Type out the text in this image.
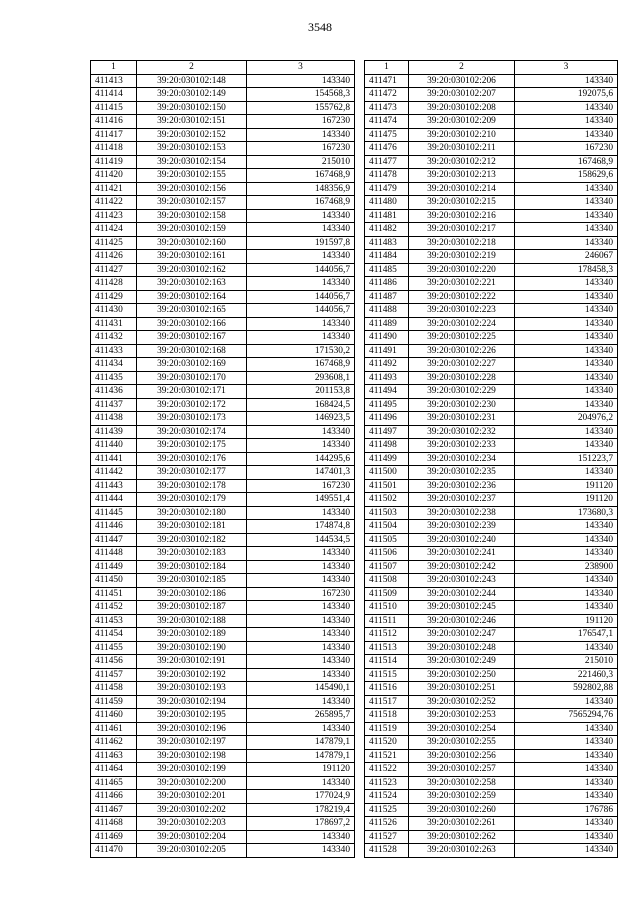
3548
1	2	3
411413	39:20:030102:148	143340
411414	39:20:030102:149	154568,3
411415	39:20:030102:150	155762,8
411416	39:20:030102:151	167230
411417	39:20:030102:152	143340
411418	39:20:030102:153	167230
411419	39:20:030102:154	215010
411420	39:20:030102:155	167468,9
411421	39:20:030102:156	148356,9
411422	39:20:030102:157	167468,9
411423	39:20:030102:158	143340
411424	39:20:030102:159	143340
411425	39:20:030102:160	191597,8
411426	39:20:030102:161	143340
411427	39:20:030102:162	144056,7
411428	39:20:030102:163	143340
411429	39:20:030102:164	144056,7
411430	39:20:030102:165	144056,7
411431	39:20:030102:166	143340
411432	39:20:030102:167	143340
411433	39:20:030102:168	171530,2
411434	39:20:030102:169	167468,9
411435	39:20:030102:170	293608,1
411436	39:20:030102:171	201153,8
411437	39:20:030102:172	168424,5
411438	39:20:030102:173	146923,5
411439	39:20:030102:174	143340
411440	39:20:030102:175	143340
411441	39:20:030102:176	144295,6
411442	39:20:030102:177	147401,3
411443	39:20:030102:178	167230
411444	39:20:030102:179	149551,4
411445	39:20:030102:180	143340
411446	39:20:030102:181	174874,8
411447	39:20:030102:182	144534,5
411448	39:20:030102:183	143340
411449	39:20:030102:184	143340
411450	39:20:030102:185	143340
411451	39:20:030102:186	167230
411452	39:20:030102:187	143340
411453	39:20:030102:188	143340
411454	39:20:030102:189	143340
411455	39:20:030102:190	143340
411456	39:20:030102:191	143340
411457	39:20:030102:192	143340
411458	39:20:030102:193	145490,1
411459	39:20:030102:194	143340
411460	39:20:030102:195	265895,7
411461	39:20:030102:196	143340
411462	39:20:030102:197	147879,1
411463	39:20:030102:198	147879,1
411464	39:20:030102:199	191120
411465	39:20:030102:200	143340
411466	39:20:030102:201	177024,9
411467	39:20:030102:202	178219,4
411468	39:20:030102:203	178697,2
411469	39:20:030102:204	143340
411470	39:20:030102:205	143340
1	2	3
411471	39:20:030102:206	143340
411472	39:20:030102:207	192075,6
411473	39:20:030102:208	143340
411474	39:20:030102:209	143340
411475	39:20:030102:210	143340
411476	39:20:030102:211	167230
411477	39:20:030102:212	167468,9
411478	39:20:030102:213	158629,6
411479	39:20:030102:214	143340
411480	39:20:030102:215	143340
411481	39:20:030102:216	143340
411482	39:20:030102:217	143340
411483	39:20:030102:218	143340
411484	39:20:030102:219	246067
411485	39:20:030102:220	178458,3
411486	39:20:030102:221	143340
411487	39:20:030102:222	143340
411488	39:20:030102:223	143340
411489	39:20:030102:224	143340
411490	39:20:030102:225	143340
411491	39:20:030102:226	143340
411492	39:20:030102:227	143340
411493	39:20:030102:228	143340
411494	39:20:030102:229	143340
411495	39:20:030102:230	143340
411496	39:20:030102:231	204976,2
411497	39:20:030102:232	143340
411498	39:20:030102:233	143340
411499	39:20:030102:234	151223,7
411500	39:20:030102:235	143340
411501	39:20:030102:236	191120
411502	39:20:030102:237	191120
411503	39:20:030102:238	173680,3
411504	39:20:030102:239	143340
411505	39:20:030102:240	143340
411506	39:20:030102:241	143340
411507	39:20:030102:242	238900
411508	39:20:030102:243	143340
411509	39:20:030102:244	143340
411510	39:20:030102:245	143340
411511	39:20:030102:246	191120
411512	39:20:030102:247	176547,1
411513	39:20:030102:248	143340
411514	39:20:030102:249	215010
411515	39:20:030102:250	221460,3
411516	39:20:030102:251	592802,88
411517	39:20:030102:252	143340
411518	39:20:030102:253	7565294,76
411519	39:20:030102:254	143340
411520	39:20:030102:255	143340
411521	39:20:030102:256	143340
411522	39:20:030102:257	143340
411523	39:20:030102:258	143340
411524	39:20:030102:259	143340
411525	39:20:030102:260	176786
411526	39:20:030102:261	143340
411527	39:20:030102:262	143340
411528	39:20:030102:263	143340
